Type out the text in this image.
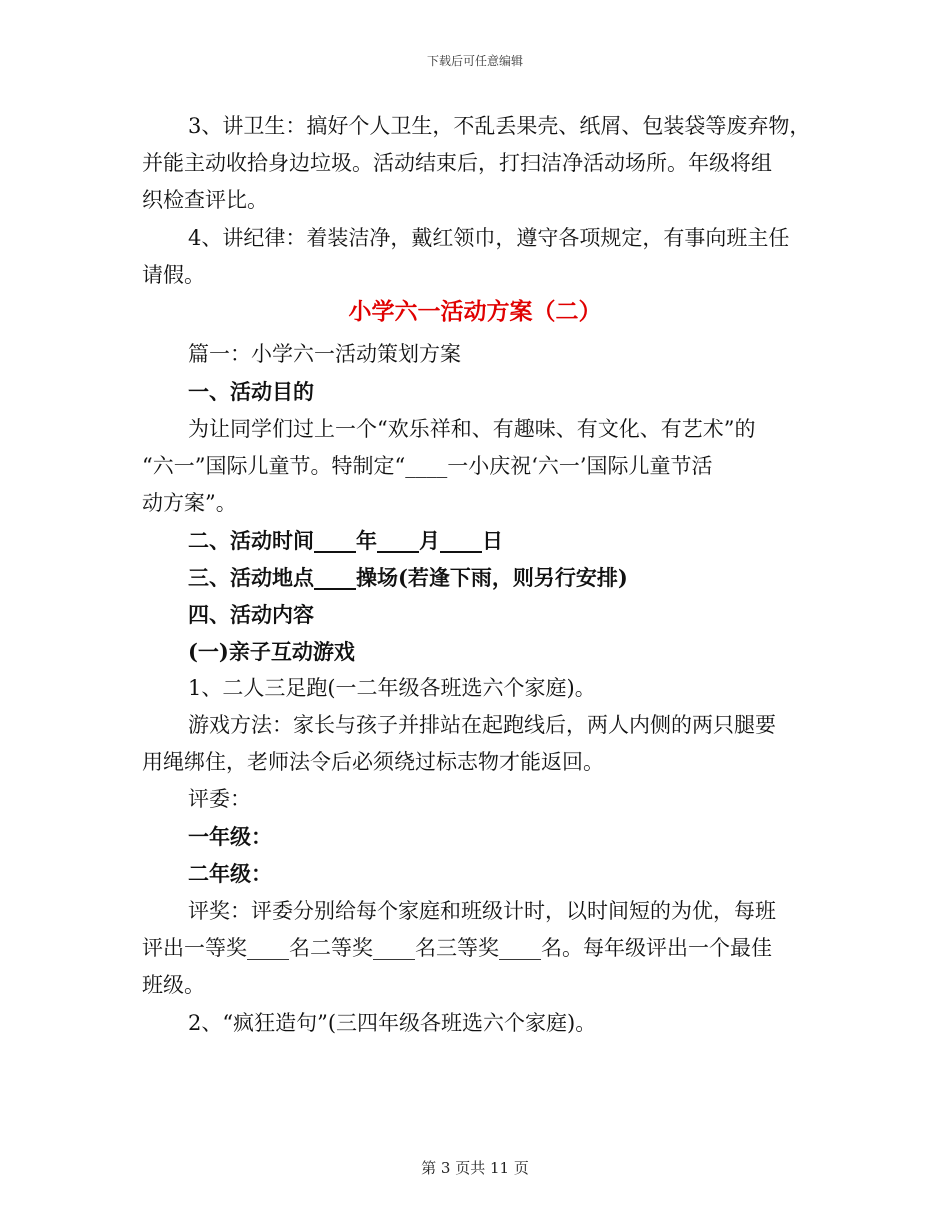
下载后可任意编辑
3、讲卫生：搞好个人卫生，不乱丢果壳、纸屑、包装袋等废弃物，
并能主动收拾身边垃圾。活动结束后，打扫洁净活动场所。年级将组
织检查评比。
4、讲纪律：着装洁净，戴红领巾，遵守各项规定，有事向班主任
请假。
小学六一活动方案（二）
篇一：小学六一活动策划方案
一、活动目的
为让同学们过上一个“欢乐祥和、有趣味、有文化、有艺术”的
“六一”国际儿童节。特制定“____一小庆祝‘六一’国际儿童节活
动方案”。
二、活动时间____年____月____日
三、活动地点____操场(若逢下雨，则另行安排)
四、活动内容
(一)亲子互动游戏
1、二人三足跑(一二年级各班选六个家庭)。
游戏方法：家长与孩子并排站在起跑线后，两人内侧的两只腿要
用绳绑住，老师法令后必须绕过标志物才能返回。
评委：
一年级：
二年级：
评奖：评委分别给每个家庭和班级计时，以时间短的为优，每班
评出一等奖____名二等奖____名三等奖____名。每年级评出一个最佳
班级。
2、“疯狂造句”(三四年级各班选六个家庭)。
第 3 页共 11 页
